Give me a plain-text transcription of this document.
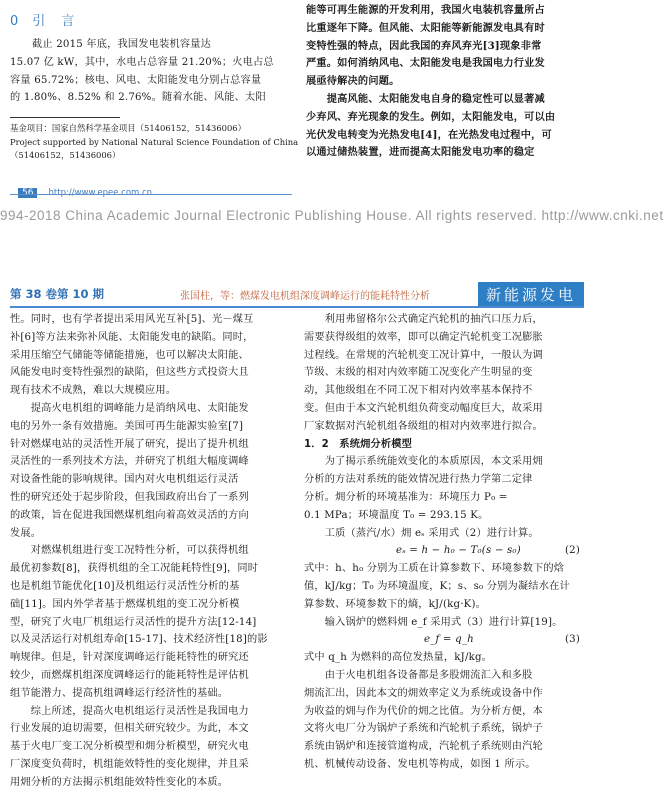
0 引 言
截止 2015 年底，我国发电装机容量达
15.07 亿 kW，其中，水电占总容量 21.20%；火电占总
容量 65.72%；核电、风电、太阳能发电分别占总容量
的 1.80%、8.52% 和 2.76%。随着水能、风能、太阳
基金项目：国家自然科学基金项目（51406152，51436006）
Project supported by National Natural Science Foundation of China
（51406152，51436006）
56 http://www.epee.com.cn
能等可再生能源的开发利用，我国火电装机容量所占
比重逐年下降。但风能、太阳能等新能源发电具有时
变特性强的特点，因此我国的弃风弃光[3]现象非常
严重。如何消纳风电、太阳能发电是我国电力行业发
展亟待解决的问题。
　　提高风能、太阳能发电自身的稳定性可以显著减
少弃风、弃光现象的发生。例如，太阳能发电，可以由
光伏发电转变为光热发电[4]，在光热发电过程中，可
以通过储热装置，进而提高太阳能发电功率的稳定
994-2018 China Academic Journal Electronic Publishing House. All rights reserved. http://www.cnki.net
第 38 卷第 10 期	张国柱，等：燃煤发电机组深度调峰运行的能耗特性分析	新能源发电
性。同时，也有学者提出采用风光互补[5]、光－煤互
补[6]等方法来弥补风能、太阳能发电的缺陷。同时，
采用压缩空气储能等储能措施，也可以解决太阳能、
风能发电时变特性强烈的缺陷，但这些方式投资大且
现有技术不成熟，难以大规模应用。
　　提高火电机组的调峰能力是消纳风电、太阳能发
电的另外一条有效措施。美国可再生能源实验室[7]
针对燃煤电站的灵活性开展了研究，提出了提升机组
灵活性的一系列技术方法，并研究了机组大幅度调峰
对设备性能的影响规律。国内对火电机组运行灵活
性的研究还处于起步阶段，但我国政府出台了一系列
的政策，旨在促进我国燃煤机组向着高效灵活的方向
发展。
　　对燃煤机组进行变工况特性分析，可以获得机组
最优初参数[8]，获得机组的全工况能耗特性[9]，同时
也是机组节能优化[10]及机组运行灵活性分析的基
础[11]。国内外学者基于燃煤机组的变工况分析模
型，研究了火电厂机组运行灵活性的提升方法[12-14]
以及灵活运行对机组寿命[15-17]、技术经济性[18]的影
响规律。但是，针对深度调峰运行能耗特性的研究还
较少，而燃煤机组深度调峰运行的能耗特性是评估机
组节能潜力、提高机组调峰运行经济性的基础。
　　综上所述，提高火电机组运行灵活性是我国电力
行业发展的迫切需要，但相关研究较少。为此，本文
基于火电厂变工况分析模型和㶲分析模型，研究火电
厂深度变负荷时，机组能效特性的变化规律，并且采
用㶲分析的方法揭示机组能效特性变化的本质。
　　利用弗留格尔公式确定汽轮机的抽汽口压力后，
需要获得级组的效率，即可以确定汽轮机变工况膨胀
过程线。在常规的汽轮机变工况计算中，一般认为调
节级、末级的相对内效率随工况变化产生明显的变
动，其他级组在不同工况下相对内效率基本保持不
变。但由于本文汽轮机组负荷变动幅度巨大，故采用
厂家数据对汽轮机组各级组的相对内效率进行拟合。
1．2　系统㶲分析模型
　　为了揭示系统能效变化的本质原因，本文采用㶲
分析的方法对系统的能效情况进行热力学第二定律
分析。㶲分析的环境基准为：环境压力 P₀ =
0.1 MPa；环境温度 T₀ = 293.15 K。
　　工质（蒸汽/水）㶲 eₛ 采用式（2）进行计算。
eₛ = h − h₀ − T₀(s − s₀)	(2)

式中：h、h₀ 分别为工质在计算参数下、环境参数下的焓
值，kJ/kg；T₀ 为环境温度，K；s、s₀ 分别为凝结水在计
算参数、环境参数下的熵，kJ/(kg·K)。
　　输入锅炉的燃料㶲 e_f 采用式（3）进行计算[19]。
e_f = q_h	(3)

式中 q_h 为燃料的高位发热量，kJ/kg。
　　由于火电机组各设备都是多股㶲流汇入和多股
㶲流汇出，因此本文的㶲效率定义为系统或设备中作
为收益的㶲与作为代价的㶲之比值。为分析方便，本
文将火电厂分为锅炉子系统和汽轮机子系统，锅炉子
系统由锅炉和连接管道构成，汽轮机子系统则由汽轮
机、机械传动设备、发电机等构成，如图 1 所示。
